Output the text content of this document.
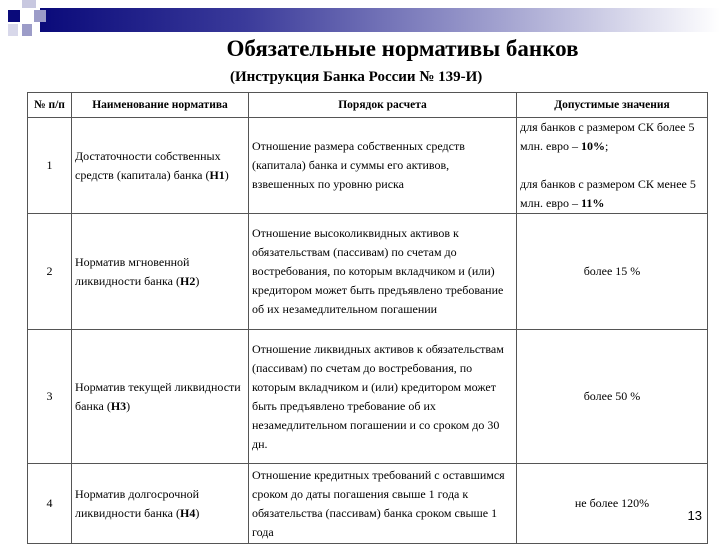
Обязательные нормативы банков
(Инструкция Банка России № 139-И)
№ п/п	Наименование норматива	Порядок расчета	Допустимые значения
1	Достаточности собственных средств (капитала) банка (Н1)	Отношение размера собственных средств (капитала) банка и суммы его активов, взвешенных по уровню риска	для банков с размером СК более 5 млн. евро – 10%;
для банков с размером СК менее 5 млн. евро – 11%

2	Норматив мгновенной ликвидности банка (Н2)	Отношение высоколиквидных активов к обязательствам (пассивам) по счетам до востребования, по которым вкладчиком и (или) кредитором может быть предъявлено требование об их незамедлительном погашении	более 15 %
3	Норматив текущей ликвидности банка (Н3)	Отношение ликвидных активов к обязательствам (пассивам) по счетам до востребования, по которым вкладчиком и (или) кредитором может быть предъявлено требование об их незамедлительном погашении и со сроком до 30 дн.	более 50 %
4	Норматив долгосрочной ликвидности банка (Н4)	Отношение кредитных требований с оставшимся сроком до даты погашения свыше 1 года к обязательства (пассивам) банка сроком свыше 1 года	не более 120%
13
